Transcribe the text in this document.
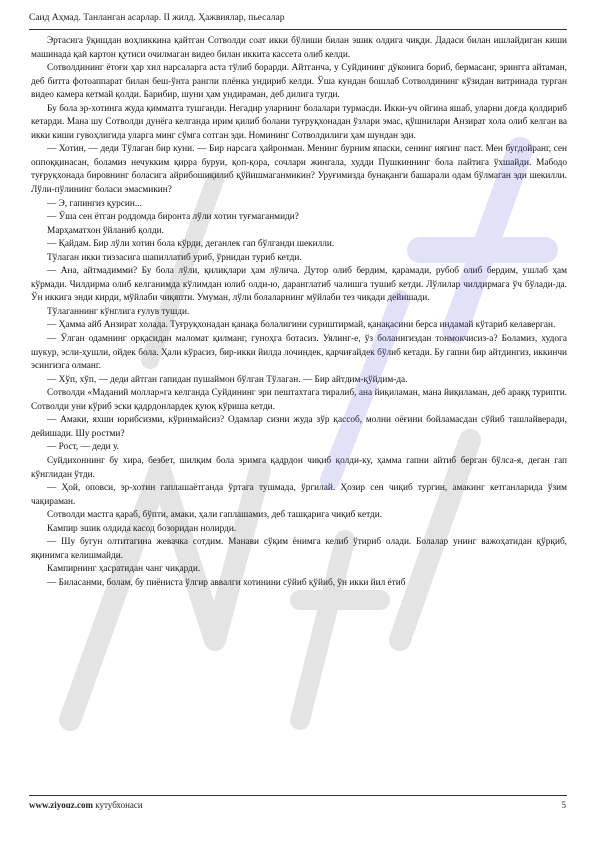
Саид Аҳмад. Танланган асарлар. II жилд. Ҳажвиялар, пьесалар

Эртасига ўқишдан воҳликкина қайтган Сотволди соат икки бўлиши билан эшик олдига чиқди. Дадаси билан ишлайдиган киши машинада қаӣ картон қутиси очилмаган видео билан иккита кассета олиб келди.

Сотволдининг ётоғи ҳар хил нарсаларга аста тўлиб борарди. Айтганча, у Суйдининг дўконига бориб, бермасанг, эрингга айтаман, деб битта фотоаппарат билан беш-ўнта рангли плёнка ундириб келди. Ўша кундан бошлаб Сотволдининг кўзидан витринада турган видео камера кетмай қолди. Барибир, шуни ҳам ундираман, деб дилига тугди.

Бу бола эр-хотинга жуда қимматга тушганди. Негадир уларнинг болалари турмасди. Икки-уч ойгина яшаб, уларни доғда қолдириб кетарди. Мана шу Сотволди дунёга келганда ирим қилиб болани туғруқхонадан ўзлари эмас, қўшнилари Анзират хола олиб келган ва икки киши гувоҳлигида уларга минг сўмга сотган эди. Номининг Сотволдилиги ҳам шундан эди.

— Хотин, — деди Тўлаган бир куни. — Бир нарсага ҳайронман. Менинг бурним япаски, сенинг иягинг паст. Мен бугдойранг, сен оппоққинасан, боламиз нечукким қирра буруи, қоп-қора, сочлари жингала, худди Пушкиннинг бола пайтига ўхшайди. Мабодо туғруқхонада бировнинг боласига айрибошиқилиб қўйишмаганмикин? Уруғимизда бунақанги башарали одам бўлмаган эди шекилли. Лўли-пўлининг боласи эмасмикин?

— Э, гапингиз қурсин...

— Ўша сен ётган роддомда биронта лўли хотин туғмаганмиди?

Марҳаматхон ўйланиб қолди.

— Қайдам. Бир лўли хотин бола кўрди, деганлек гап бўлганди шекилли.

Тўлаган икки тиззасига шапиллатиб уриб, ўрнидан туриб кетди.

— Ана, айтмадимми? Бу бола лўли, қилиқлари ҳам лўлича. Дутор олиб бердим, қарамади, рубоб олиб бердим, ушлаб ҳам кўрмади. Чилдирма олиб келганимда кўлимдан юлиб олди-ю, даранглатиб чалишга тушиб кетди. Лўлилар чилдирмага ўч бўлади-да. Ўн иккига энди кирди, мўйлаби чиқяпти. Умуман, лўли болаларнинг мўйлаби тез чиқади дейишади.

Тўлаганнинг кўнглига ғулув тушди.

— Ҳамма айб Анзират холада. Туғруқхонадан қанақа болалигини суриштирмай, қанақасини берса индамай кўтариб келаверган.

— Ўлган одамнинг орқасидан маломат қилманг, гуноҳга ботасиз. Уялинг-е, ўз боланигиздан тонмокчисиз-а? Боламиз, худога шукур, эсли-ҳушли, ойдек бола. Ҳали кўрасиз, бир-икки йилда лочиндек, қарчиғайдек бўлиб кетади. Бу гапни бир айтдингиз, иккинчи эсингизга олманг.

— Хўп, хўп, — деди айтган гапидан пушаймон бўлган Тўлаган. — Бир айтдим-қўйдим-да.

Сотволди «Маданий моллар»га келганда Суйдининг эри пештахтага тиралиб, ана йиқиламан, мана йиқиламан, деб араққ турипти. Сотволди уни кўриб эски қадрдонлардек қуюқ кўриша кетди.

— Амаки, яхши юрибсизми, кўринмайсиз? Одамлар сизни жуда зўр қассоб, молни оёғини бойламасдан сўйиб ташлайверади, дейишади. Шу ростми?

— Рост, — деди у.

Суйдихоннинг бу хира, безбет, шилқим бола эримга қадрдон чиқиб қолди-ку, ҳамма гапни айтиб берган бўлса-я, деган гап кўнглидан ўтди.

— Ҳой, оповси, эр-хотин гаплашаётганда ўртага тушмада, ўргилай. Ҳозир сен чиқиб тургин, амакинг кетганларида ўзим чақираман.

Сотволди мастга қараб, бўпти, амаки, ҳали гаплашамиз, деб ташқарига чиқиб кетди.

Кампир эшик олдида касод бозоридан нолирди.

— Шу бугун олтитагина жевачка сотдим. Манави сўқим ёнимга келиб ўтириб олади. Болалар унинг важоҳатидан қўрқиб, яқинимга келишмайди.

Кампирнинг ҳасратидан чанг чиқарди.

— Биласанми, болам, бу пиёниста ўлгир аввалги хотинини сўйиб қўйиб, ўн икки йил ётиб

www.ziyouz.com кутубхонаси	5
